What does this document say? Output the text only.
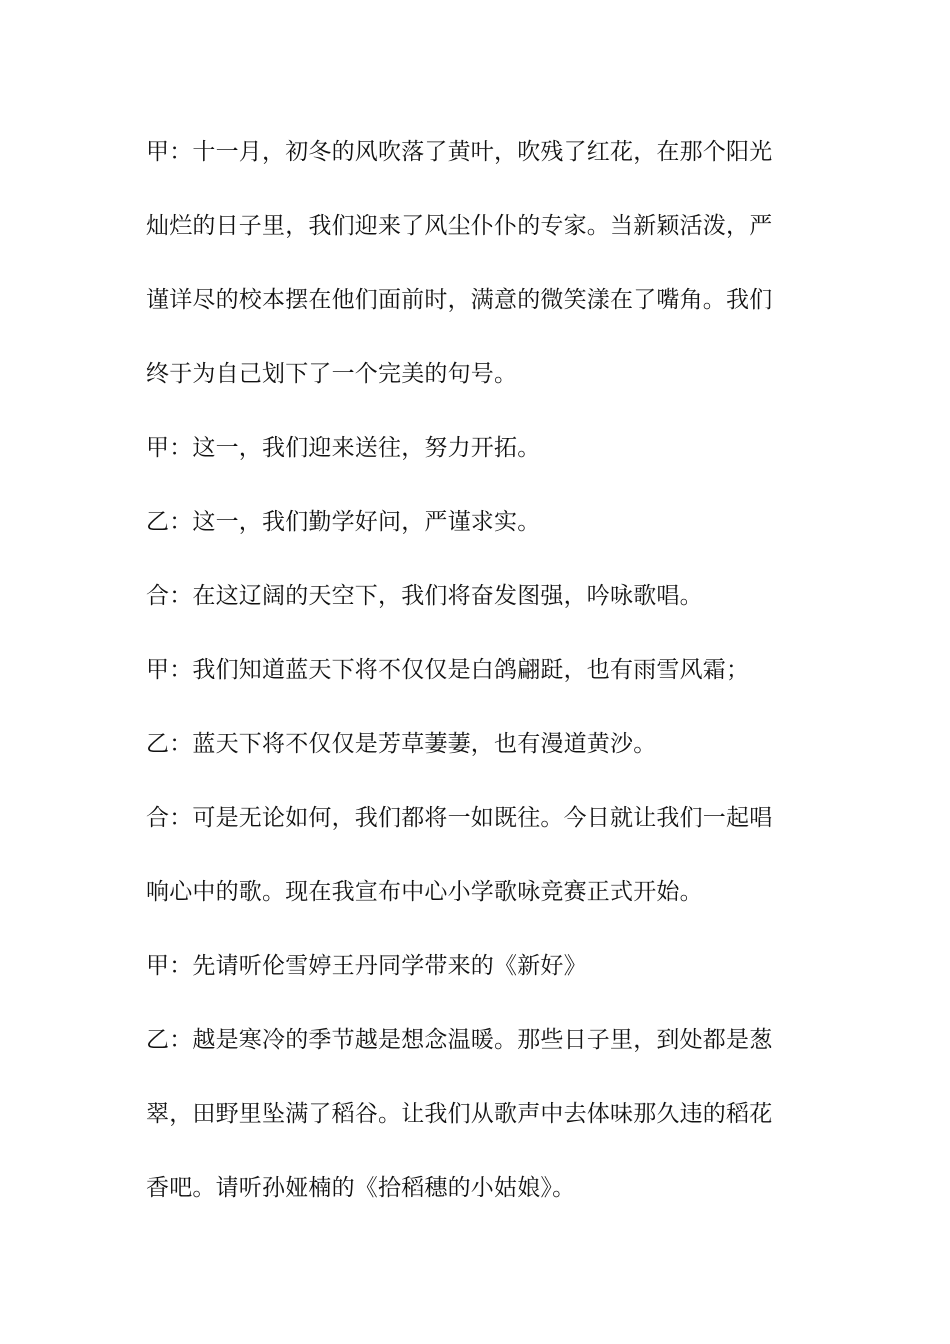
甲：十一月，初冬的风吹落了黄叶，吹残了红花，在那个阳光
灿烂的日子里，我们迎来了风尘仆仆的专家。当新颖活泼，严
谨详尽的校本摆在他们面前时，满意的微笑漾在了嘴角。我们
终于为自己划下了一个完美的句号。
甲：这一，我们迎来送往，努力开拓。
乙：这一，我们勤学好问，严谨求实。
合：在这辽阔的天空下，我们将奋发图强，吟咏歌唱。
甲：我们知道蓝天下将不仅仅是白鸽翩跹，也有雨雪风霜；
乙：蓝天下将不仅仅是芳草萋萋，也有漫道黄沙。
合：可是无论如何，我们都将一如既往。今日就让我们一起唱
响心中的歌。现在我宣布中心小学歌咏竞赛正式开始。
甲：先请听伦雪婷王丹同学带来的《新好》
乙：越是寒冷的季节越是想念温暖。那些日子里，到处都是葱
翠，田野里坠满了稻谷。让我们从歌声中去体味那久违的稻花
香吧。请听孙娅楠的《拾稻穗的小姑娘》。
